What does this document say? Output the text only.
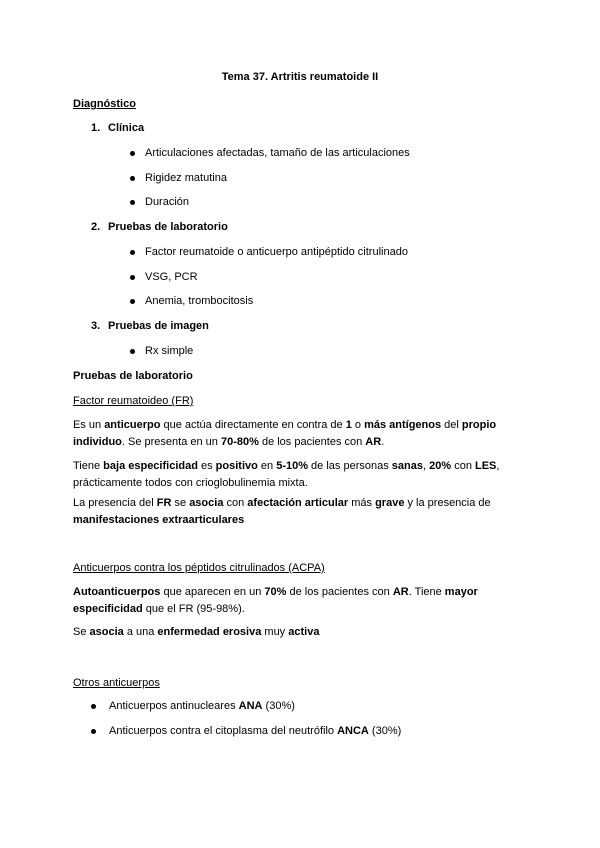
Tema 37. Artritis reumatoide II
Diagnóstico
1. Clínica
Articulaciones afectadas, tamaño de las articulaciones
Rigidez matutina
Duración
2. Pruebas de laboratorio
Factor reumatoide o anticuerpo antipéptido citrulinado
VSG, PCR
Anemia, trombocitosis
3. Pruebas de imagen
Rx simple
Pruebas de laboratorio
Factor reumatoideo (FR)
Es un anticuerpo que actúa directamente en contra de 1 o más antígenos del propio individuo. Se presenta en un 70-80% de los pacientes con AR.
Tiene baja especificidad es positivo en 5-10% de las personas sanas, 20% con LES, prácticamente todos con crioglobulinemia mixta.
La presencia del FR se asocia con afectación articular más grave y la presencia de manifestaciones extraarticulares
Anticuerpos contra los péptidos citrulinados (ACPA)
Autoanticuerpos que aparecen en un 70% de los pacientes con AR. Tiene mayor especificidad que el FR (95-98%).
Se asocia a una enfermedad erosiva muy activa
Otros anticuerpos
Anticuerpos antinucleares ANA (30%)
Anticuerpos contra el citoplasma del neutrófilo ANCA (30%)
